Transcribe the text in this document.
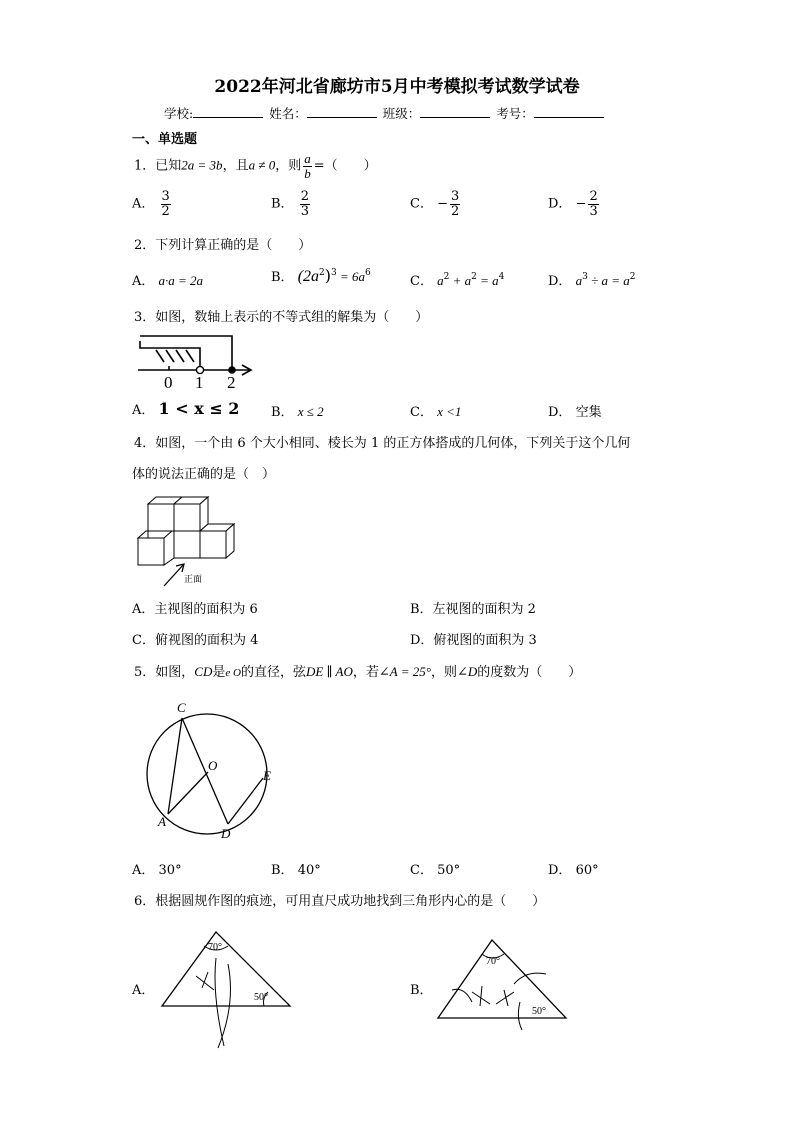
2022年河北省廊坊市5月中考模拟考试数学试卷
学校:	姓名：	班级：	考号：
一、单选题
1．已知2a = 3b，且a ≠ 0，则 $\frac{a}{b}$ =（　　）
A． $\frac{3}{2}$	B． $\frac{2}{3}$	C． − $\frac{3}{2}$	D． − $\frac{2}{3}$
2．下列计算正确的是（　　）
A． a·a = 2a	B． $(2a^2)^3 = 6a^6$
C． $a^2 + a^2 = a^4$	D． $a^3 \div a = a^2$
3．如图，数轴上表示的不等式组的解集为（　　）
0 1 2
A． 1 < x ≤ 2 B． x ≤ 2	C． x <1	D． 空集
4．如图，一个由 6 个大小相同、棱长为 1 的正方体搭成的几何体，下列关于这个几何
体的说法正确的是（　）
正面
A．主视图的面积为 6	B．左视图的面积为 2
C．俯视图的面积为 4	D．俯视图的面积为 3
5．如图，CD是e O的直径，弦DE ∥ AO，若∠A = 25°，则∠D的度数为（　　）
C
O
E
A
D
A． 30°	B． 40°	C． 50°	D． 60°
6．根据圆规作图的痕迹，可用直尺成功地找到三角形内心的是（　　）
A．
70°
50°	B．
70°
50°
